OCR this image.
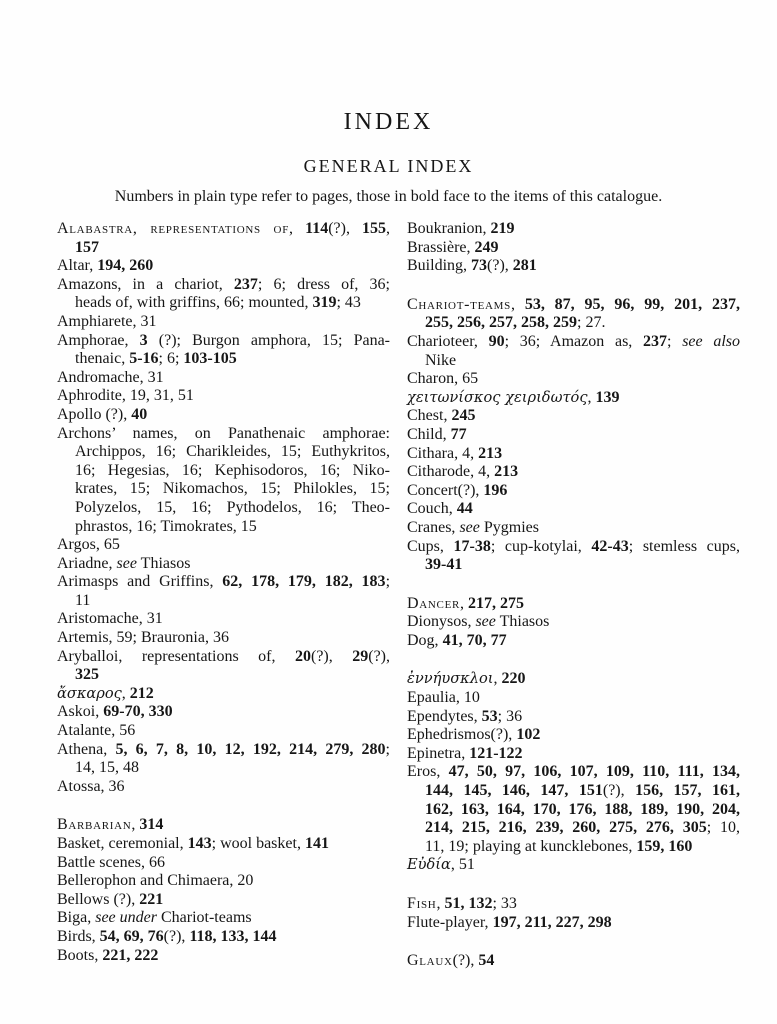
INDEX
GENERAL INDEX

Numbers in plain type refer to pages, those in bold face to the items of this catalogue.

Alabastra, representations of, 114(?), 155,
157
Altar, 194, 260
Amazons, in a chariot, 237; 6; dress of, 36;
heads of, with griffins, 66; mounted, 319; 43
Amphiarete, 31
Amphorae, 3 (?); Burgon amphora, 15; Pana-
thenaic, 5-16; 6; 103-105
Andromache, 31
Aphrodite, 19, 31, 51
Apollo (?), 40
Archons’ names, on Panathenaic amphorae:
Archippos, 16; Charikleides, 15; Euthykritos,
16; Hegesias, 16; Kephisodoros, 16; Niko-
krates, 15; Nikomachos, 15; Philokles, 15;
Polyzelos, 15, 16; Pythodelos, 16; Theo-
phrastos, 16; Timokrates, 15
Argos, 65
Ariadne, see Thiasos
Arimasps and Griffins, 62, 178, 179, 182, 183;
11
Aristomache, 31
Artemis, 59; Brauronia, 36
Aryballoi, representations of, 20(?), 29(?),
325
ἄσκαρος, 212
Askoi, 69-70, 330
Atalante, 56
Athena, 5, 6, 7, 8, 10, 12, 192, 214, 279, 280;
14, 15, 48
Atossa, 36
Barbarian, 314
Basket, ceremonial, 143; wool basket, 141
Battle scenes, 66
Bellerophon and Chimaera, 20
Bellows (?), 221
Biga, see under Chariot-teams
Birds, 54, 69, 76(?), 118, 133, 144
Boots, 221, 222
Boukranion, 219
Brassière, 249
Building, 73(?), 281
Chariot-teams, 53, 87, 95, 96, 99, 201, 237,
255, 256, 257, 258, 259; 27.
Charioteer, 90; 36; Amazon as, 237; see also
Nike
Charon, 65
χειτωνίσκος χειριδωτός, 139
Chest, 245
Child, 77
Cithara, 4, 213
Citharode, 4, 213
Concert(?), 196
Couch, 44
Cranes, see Pygmies
Cups, 17-38; cup-kotylai, 42-43; stemless cups,
39-41
Dancer, 217, 275
Dionysos, see Thiasos
Dog, 41, 70, 77
ἐννήυσκλοι, 220
Epaulia, 10
Ependytes, 53; 36
Ephedrismos(?), 102
Epinetra, 121-122
Eros, 47, 50, 97, 106, 107, 109, 110, 111, 134,
144, 145, 146, 147, 151(?), 156, 157, 161,
162, 163, 164, 170, 176, 188, 189, 190, 204,
214, 215, 216, 239, 260, 275, 276, 305; 10,
11, 19; playing at kuncklebones, 159, 160
Εὐδία, 51
Fish, 51, 132; 33
Flute-player, 197, 211, 227, 298
Glaux(?), 54
